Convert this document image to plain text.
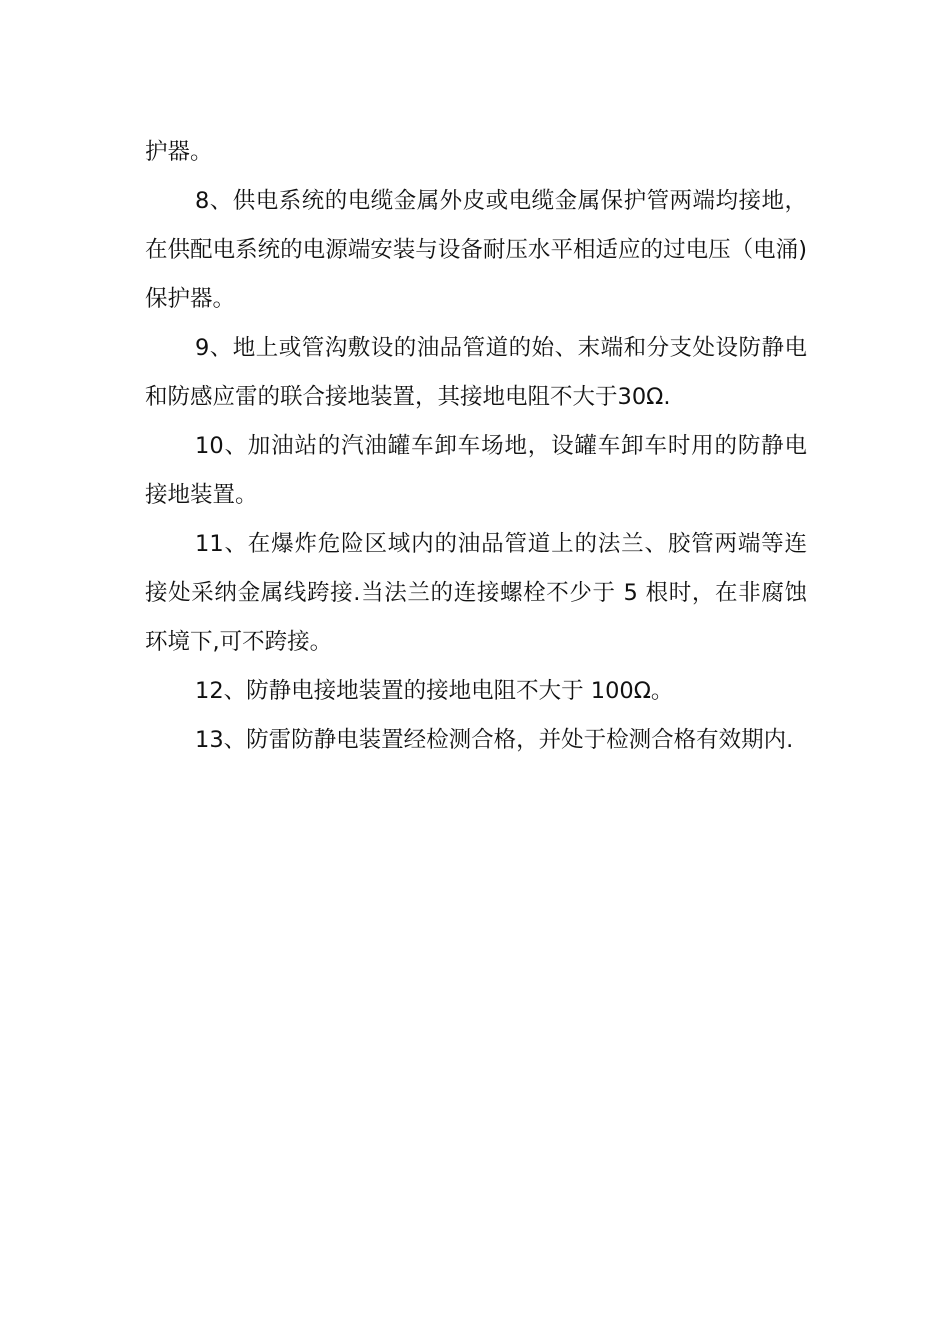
护器。

8、供电系统的电缆金属外皮或电缆金属保护管两端均接地，在供配电系统的电源端安装与设备耐压水平相适应的过电压（电涌)保护器。

9、地上或管沟敷设的油品管道的始、末端和分支处设防静电和防感应雷的联合接地装置，其接地电阻不大于30Ω.

10、加油站的汽油罐车卸车场地，设罐车卸车时用的防静电接地装置。

11、在爆炸危险区域内的油品管道上的法兰、胶管两端等连接处采纳金属线跨接.当法兰的连接螺栓不少于 5 根时，在非腐蚀环境下,可不跨接。

12、防静电接地装置的接地电阻不大于 100Ω。

13、防雷防静电装置经检测合格，并处于检测合格有效期内.
